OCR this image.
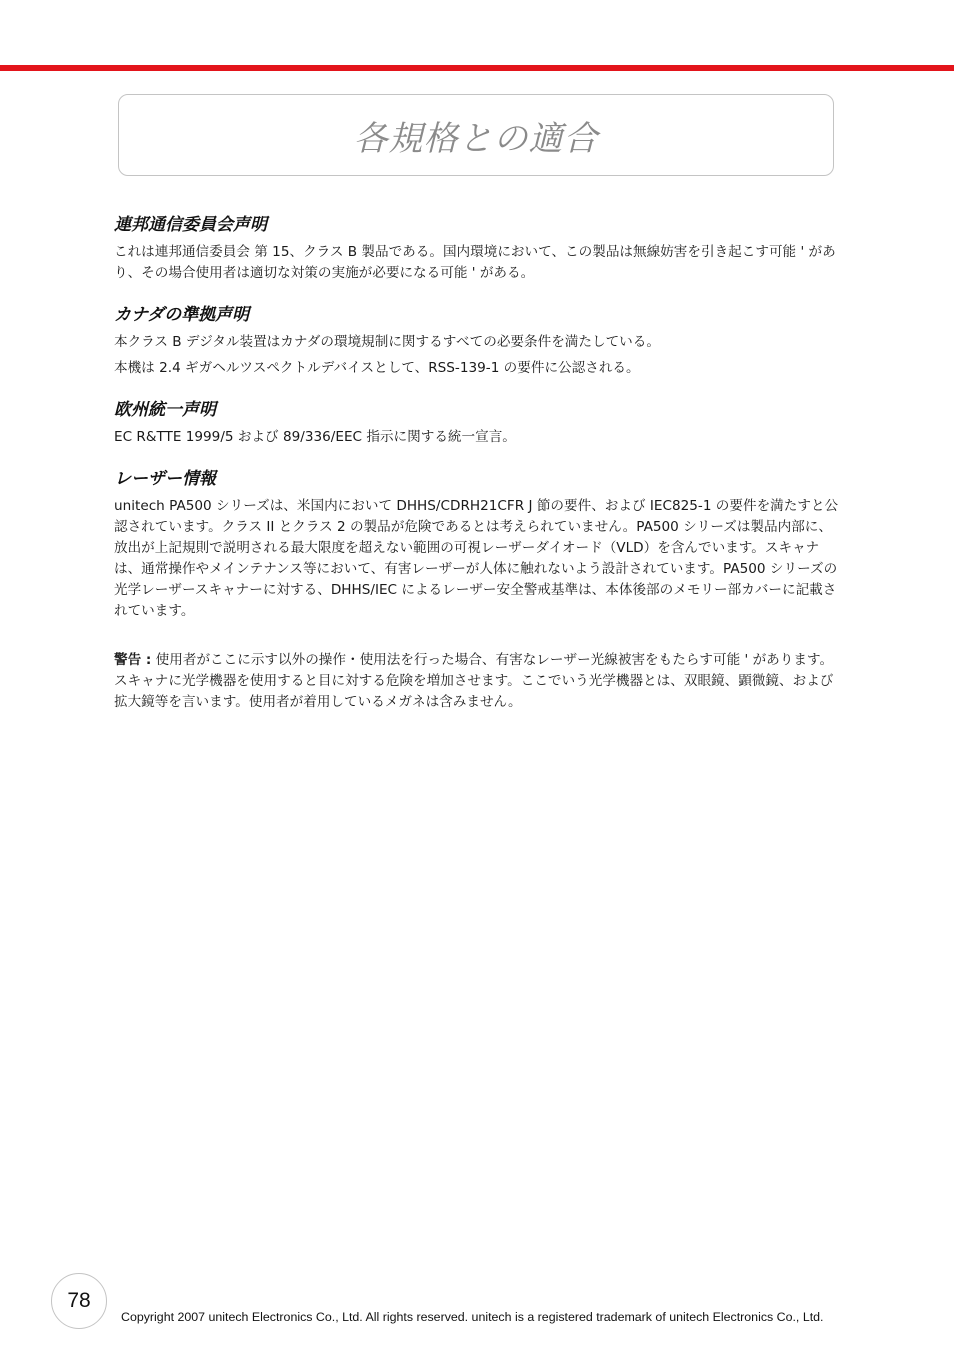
各規格との適合
連邦通信委員会声明

これは連邦通信委員会 第 15、クラス B 製品である。国内環境において、この製品は無線妨害を引き起こす可能 ' があり、その場合使用者は適切な対策の実施が必要になる可能 ' がある。

カナダの準拠声明

本クラス B デジタル装置はカナダの環境規制に関するすべての必要条件を満たしている。

本機は 2.4 ギガヘルツスペクトルデバイスとして、RSS-139-1 の要件に公認される。

欧州統一声明

EC R&TTE 1999/5 および 89/336/EEC 指示に関する統一宣言。

レーザー情報

unitech PA500 シリーズは、米国内において DHHS/CDRH21CFR J 節の要件、および IEC825-1 の要件を満たすと公認されています。クラス II とクラス 2 の製品が危険であるとは考えられていません。PA500 シリーズは製品内部に、放出が上記規則で説明される最大限度を超えない範囲の可視レーザーダイオード（VLD）を含んでいます。スキャナは、通常操作やメインテナンス等において、有害レーザーが人体に触れないよう設計されています。PA500 シリーズの光学レーザースキャナーに対する、DHHS/IEC によるレーザー安全警戒基準は、本体後部のメモリー部カバーに記載されています。

警告 : 使用者がここに示す以外の操作・使用法を行った場合、有害なレーザー光線被害をもたらす可能 ' があります。スキャナに光学機器を使用すると目に対する危険を増加させます。ここでいう光学機器とは、双眼鏡、顕微鏡、および拡大鏡等を言います。使用者が着用しているメガネは含みません。

78
Copyright 2007 unitech Electronics Co., Ltd. All rights reserved. unitech is a registered trademark of unitech Electronics Co., Ltd.
